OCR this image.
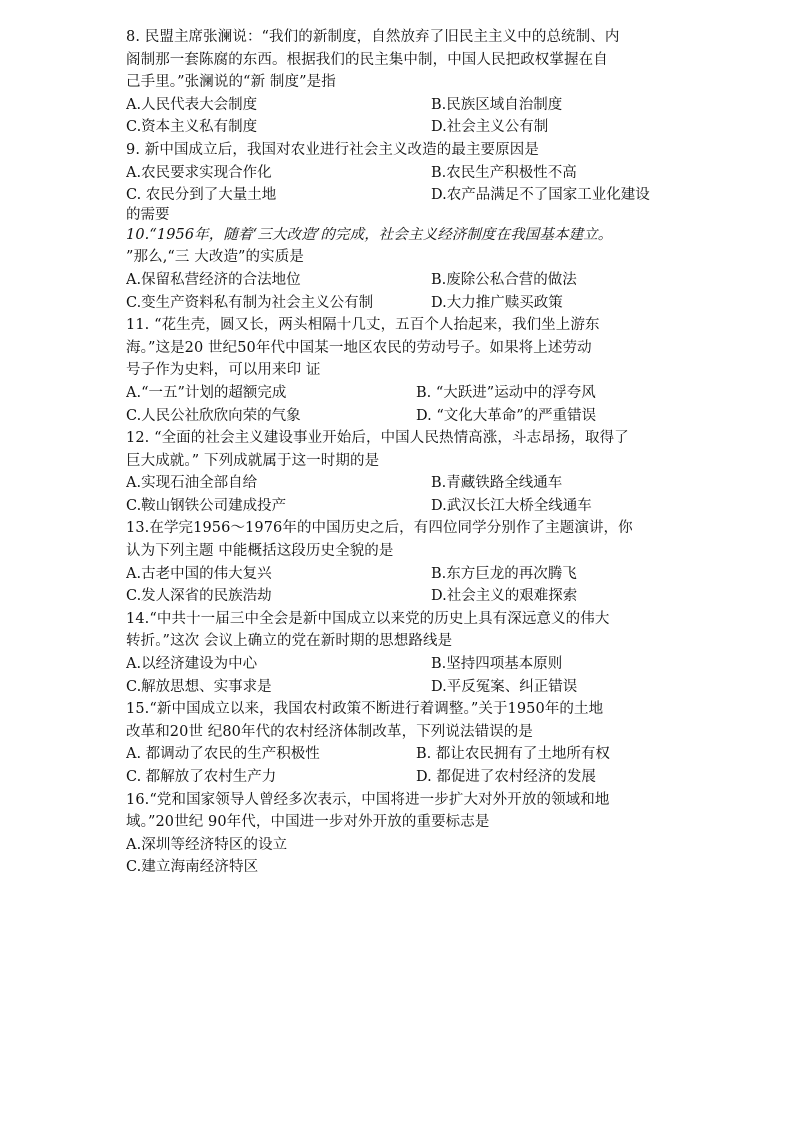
8. 民盟主席张澜说：“我们的新制度，自然放弃了旧民主主义中的总统制、内
阁制那一套陈腐的东西。根据我们的民主集中制，中国人民把政权掌握在自
己手里。”张澜说的“新 制度”是指
A.人民代表大会制度	B.民族区域自治制度
C.资本主义私有制度	D.社会主义公有制
9. 新中国成立后，我国对农业进行社会主义改造的最主要原因是
A.农民要求实现合作化	B.农民生产积极性不高
C. 农民分到了大量土地	D.农产品满足不了国家工业化建设
的需要
10.“1956年，随着‘三大改造’的完成，社会主义经济制度在我国基本建立。
”那么,“三 大改造”的实质是
A.保留私营经济的合法地位	B.废除公私合营的做法
C.变生产资料私有制为社会主义公有制	D.大力推广赎买政策
11. “花生壳，圆又长，两头相隔十几丈，五百个人抬起来，我们坐上游东
海。”这是20 世纪50年代中国某一地区农民的劳动号子。如果将上述劳动
号子作为史料，可以用来印 证
A.“一五”计划的超额完成	B. “大跃进”运动中的浮夸风
C.人民公社欣欣向荣的气象	D. “文化大革命”的严重错误
12. “全面的社会主义建设事业开始后，中国人民热情高涨，斗志昂扬，取得了
巨大成就。” 下列成就属于这一时期的是
A.实现石油全部自给	B.青藏铁路全线通车
C.鞍山钢铁公司建成投产	D.武汉长江大桥全线通车
13.在学完1956～1976年的中国历史之后，有四位同学分别作了主题演讲，你
认为下列主题 中能概括这段历史全貌的是
A.古老中国的伟大复兴	B.东方巨龙的再次腾飞
C.发人深省的民族浩劫	D.社会主义的艰难探索
14.“中共十一届三中全会是新中国成立以来党的历史上具有深远意义的伟大
转折。”这次 会议上确立的党在新时期的思想路线是
A.以经济建设为中心	B.坚持四项基本原则
C.解放思想、实事求是	D.平反冤案、纠正错误
15.“新中国成立以来，我国农村政策不断进行着调整。”关于1950年的土地
改革和20世 纪80年代的农村经济体制改革，下列说法错误的是
A. 都调动了农民的生产积极性	B. 都让农民拥有了土地所有权
C. 都解放了农村生产力	D. 都促进了农村经济的发展
16.“党和国家领导人曾经多次表示，中国将进一步扩大对外开放的领域和地
域。”20世纪 90年代，中国进一步对外开放的重要标志是
A.深圳等经济特区的设立
C.建立海南经济特区
